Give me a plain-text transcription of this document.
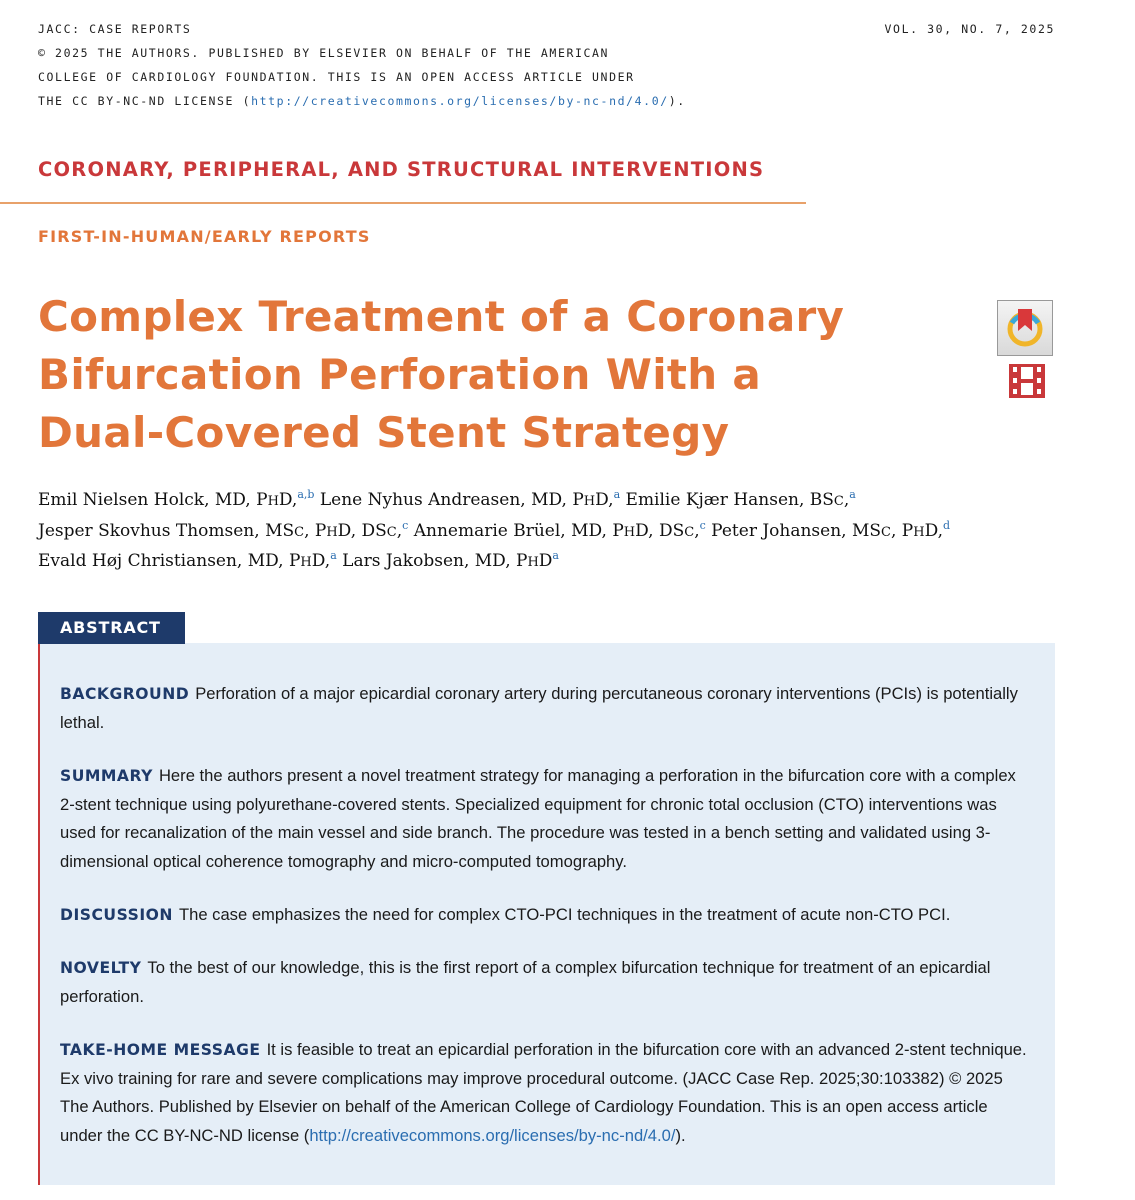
JACC: CASE REPORTS
© 2025 THE AUTHORS. PUBLISHED BY ELSEVIER ON BEHALF OF THE AMERICAN
COLLEGE OF CARDIOLOGY FOUNDATION. THIS IS AN OPEN ACCESS ARTICLE UNDER
THE CC BY-NC-ND LICENSE (http://creativecommons.org/licenses/by-nc-nd/4.0/).
VOL. 30, NO. 7, 2025
CORONARY, PERIPHERAL, AND STRUCTURAL INTERVENTIONS
FIRST-IN-HUMAN/EARLY REPORTS
Complex Treatment of a Coronary
Bifurcation Perforation With a
Dual-Covered Stent Strategy
Emil Nielsen Holck, MD, PHD,$^{a,b}$ Lene Nyhus Andreasen, MD, PHD,$^a$ Emilie Kjær Hansen, BSC,$^a$
Jesper Skovhus Thomsen, MSC, PHD, DSC,$^c$ Annemarie Brüel, MD, PHD, DSC,$^c$ Peter Johansen, MSC, PHD,$^d$
Evald Høj Christiansen, MD, PHD,$^a$ Lars Jakobsen, MD, PHD$^a$
ABSTRACT
BACKGROUND Perforation of a major epicardial coronary artery during percutaneous coronary interventions (PCIs) is potentially lethal.
SUMMARY Here the authors present a novel treatment strategy for managing a perforation in the bifurcation core with a complex 2-stent technique using polyurethane-covered stents. Specialized equipment for chronic total occlusion (CTO) interventions was used for recanalization of the main vessel and side branch. The procedure was tested in a bench setting and validated using 3-dimensional optical coherence tomography and micro-computed tomography.
DISCUSSION The case emphasizes the need for complex CTO-PCI techniques in the treatment of acute non-CTO PCI.
NOVELTY To the best of our knowledge, this is the first report of a complex bifurcation technique for treatment of an epicardial perforation.
TAKE-HOME MESSAGE It is feasible to treat an epicardial perforation in the bifurcation core with an advanced 2-stent technique. Ex vivo training for rare and severe complications may improve procedural outcome. (JACC Case Rep. 2025;30:103382) © 2025 The Authors. Published by Elsevier on behalf of the American College of Cardiology Foundation. This is an open access article under the CC BY-NC-ND license (http://creativecommons.org/licenses/by-nc-nd/4.0/).
